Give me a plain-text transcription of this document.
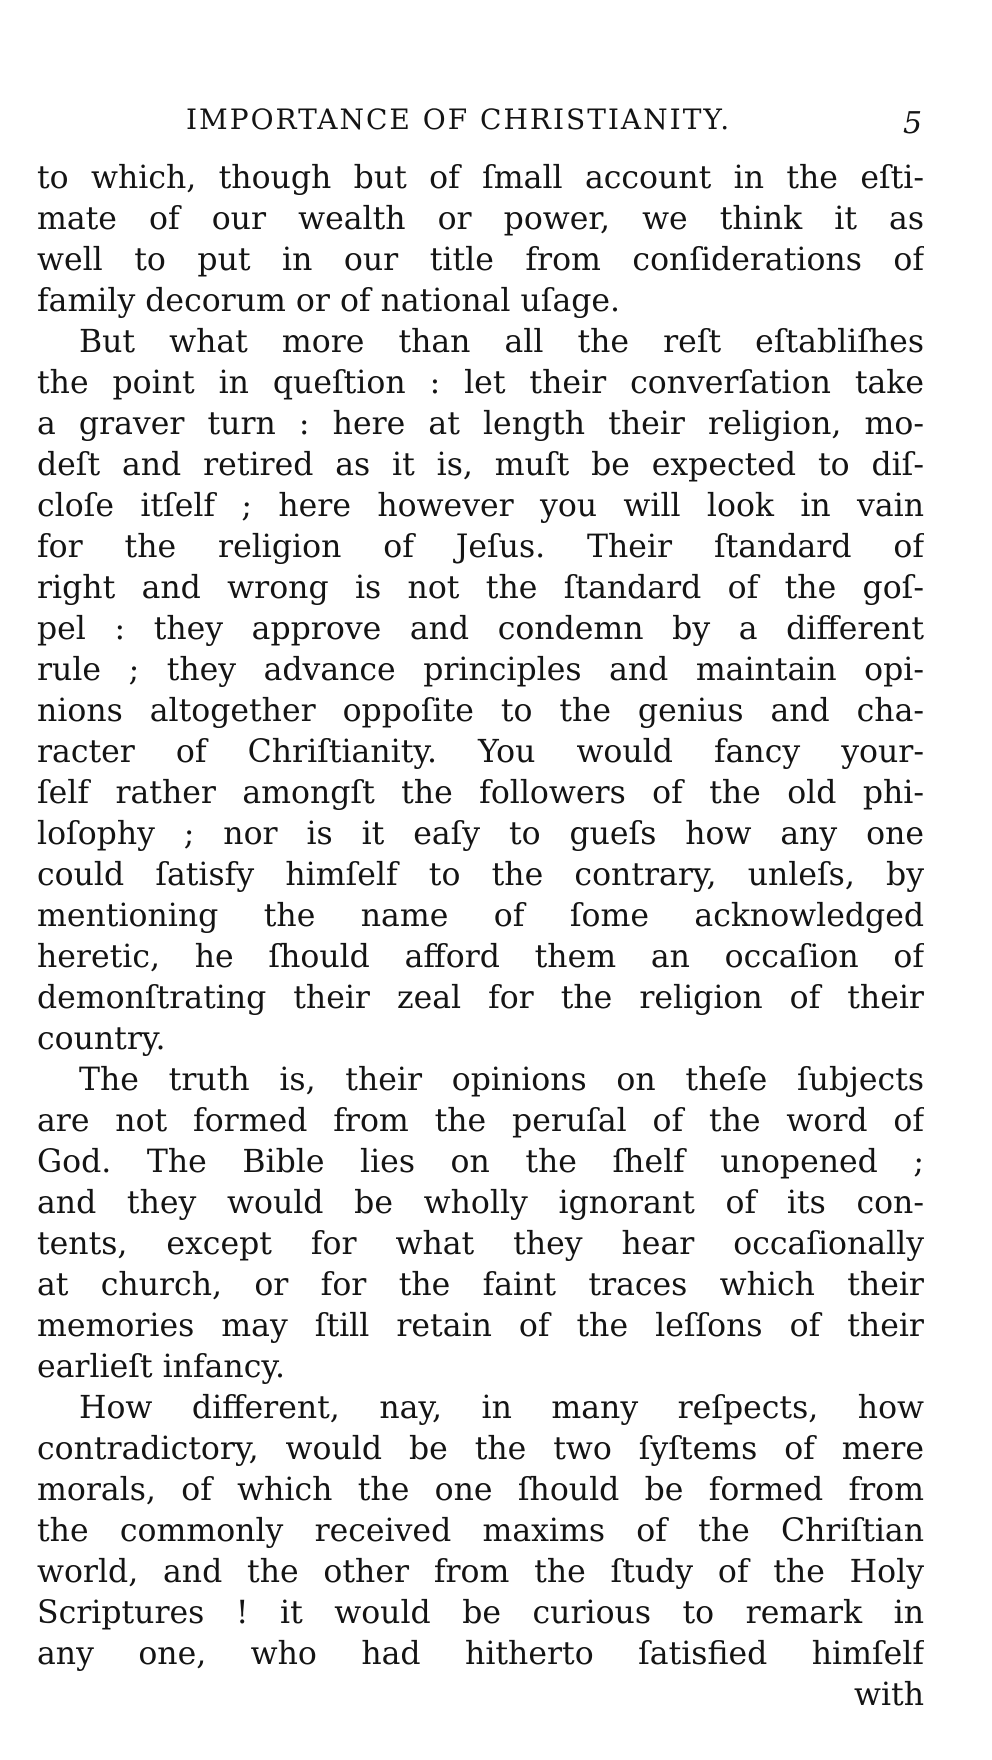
IMPORTANCE OF CHRISTIANITY.	5
to which, though but of ſmall account in the eſti-
mate of our wealth or power, we think it as
well to put in our title from conſiderations of
family decorum or of national uſage.
But what more than all the reſt eſtabliſhes
the point in queſtion : let their converſation take
a graver turn : here at length their religion, mo-
deſt and retired as it is, muſt be expected to diſ-
cloſe itſelf ; here however you will look in vain
for the religion of Jeſus. Their ſtandard of
right and wrong is not the ſtandard of the goſ-
pel : they approve and condemn by a different
rule ; they advance principles and maintain opi-
nions altogether oppoſite to the genius and cha-
racter of Chriſtianity. You would fancy your-
ſelf rather amongſt the followers of the old phi-
loſophy ; nor is it eaſy to gueſs how any one
could ſatisfy himſelf to the contrary, unleſs, by
mentioning the name of ſome acknowledged
heretic, he ſhould afford them an occaſion of
demonſtrating their zeal for the religion of their
country.
The truth is, their opinions on theſe ſubjects
are not formed from the peruſal of the word of
God. The Bible lies on the ſhelf unopened ;
and they would be wholly ignorant of its con-
tents, except for what they hear occaſionally
at church, or for the faint traces which their
memories may ſtill retain of the leſſons of their
earlieſt infancy.
How different, nay, in many reſpects, how
contradictory, would be the two ſyſtems of mere
morals, of which the one ſhould be formed from
the commonly received maxims of the Chriſtian
world, and the other from the ſtudy of the Holy
Scriptures ! it would be curious to remark in
any one, who had hitherto ſatisfied himſelf
with
